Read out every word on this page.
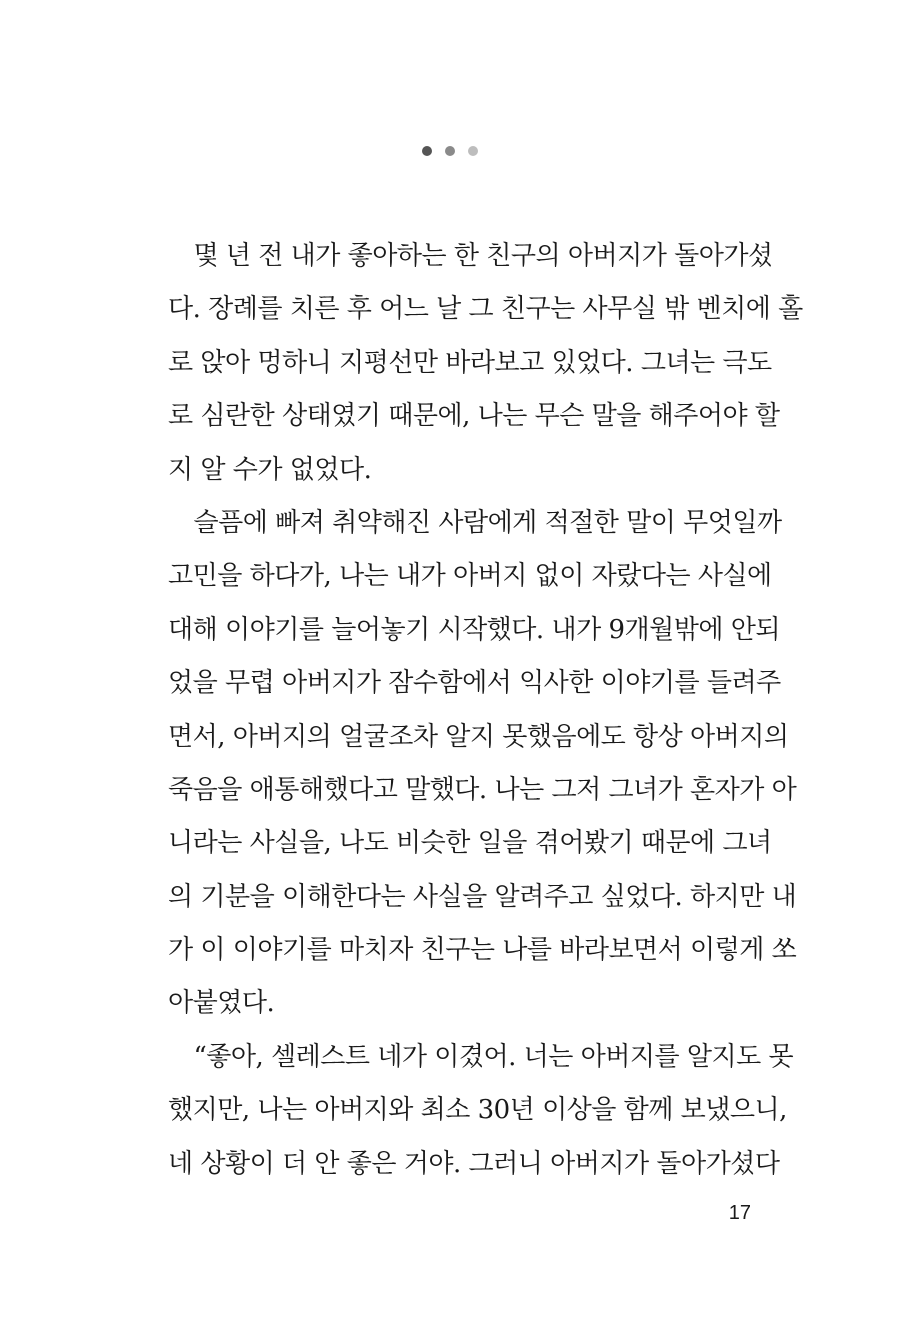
　몇 년 전 내가 좋아하는 한 친구의 아버지가 돌아가셨
다. 장례를 치른 후 어느 날 그 친구는 사무실 밖 벤치에 홀
로 앉아 멍하니 지평선만 바라보고 있었다. 그녀는 극도
로 심란한 상태였기 때문에, 나는 무슨 말을 해주어야 할
지 알 수가 없었다.
　슬픔에 빠져 취약해진 사람에게 적절한 말이 무엇일까
고민을 하다가, 나는 내가 아버지 없이 자랐다는 사실에
대해 이야기를 늘어놓기 시작했다. 내가 9개월밖에 안되
었을 무렵 아버지가 잠수함에서 익사한 이야기를 들려주
면서, 아버지의 얼굴조차 알지 못했음에도 항상 아버지의
죽음을 애통해했다고 말했다. 나는 그저 그녀가 혼자가 아
니라는 사실을, 나도 비슷한 일을 겪어봤기 때문에 그녀
의 기분을 이해한다는 사실을 알려주고 싶었다. 하지만 내
가 이 이야기를 마치자 친구는 나를 바라보면서 이렇게 쏘
아붙였다.
　“좋아, 셀레스트 네가 이겼어. 너는 아버지를 알지도 못
했지만, 나는 아버지와 최소 30년 이상을 함께 보냈으니,
네 상황이 더 안 좋은 거야. 그러니 아버지가 돌아가셨다
17
